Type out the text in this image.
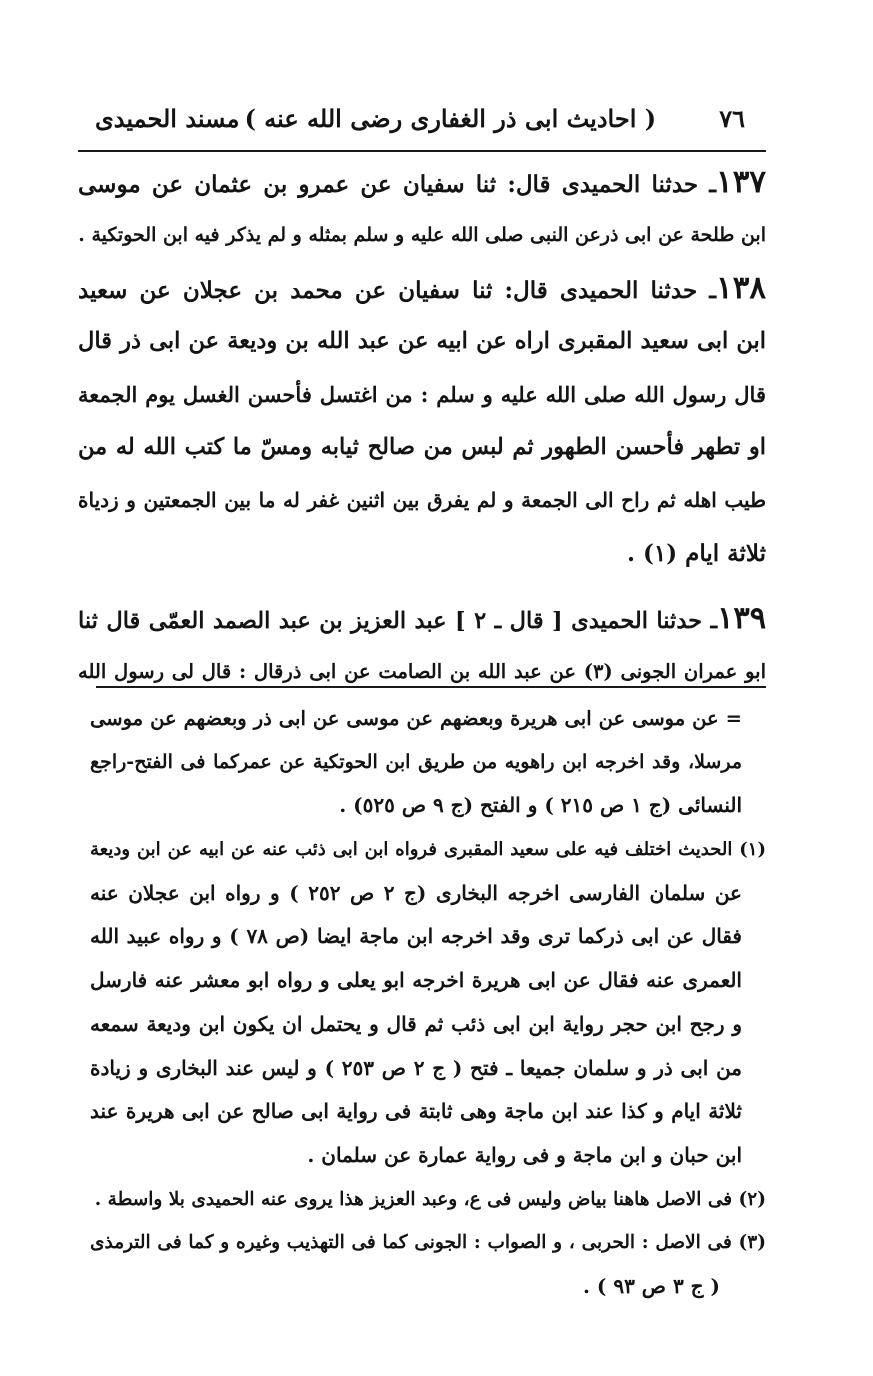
٧٦
( احاديث ابى ذر الغفارى رضى الله عنه )
مسند الحميدى
١٣٧ـ حدثنا الحميدى قال: ثنا سفيان عن عمرو بن عثمان عن موسى
ابن طلحة عن ابى ذرعن النبى صلى الله عليه و سلم بمثله و لم يذكر فيه ابن الحوتكية .
١٣٨ـ حدثنا الحميدى قال: ثنا سفيان عن محمد بن عجلان عن سعيد
ابن ابى سعيد المقبرى اراه عن ابيه عن عبد الله بن وديعة عن ابى ذر قال
قال رسول الله صلى الله عليه و سلم : من اغتسل فأحسن الغسل يوم الجمعة
او تطهر فأحسن الطهور ثم لبس من صالح ثيابه ومسّ ما كتب الله له من
طيب اهله ثم راح الى الجمعة و لم يفرق بين اثنين غفر له ما بين الجمعتين و زدياة
ثلاثة ايام (١) .
١٣٩ـ حدثنا الحميدى [ قال ـ ٢ ] عبد العزيز بن عبد الصمد العمّى قال ثنا
ابو عمران الجونى (٣) عن عبد الله بن الصامت عن ابى ذرقال : قال لى رسول الله
= عن موسى عن ابى هريرة وبعضهم عن موسى عن ابى ذر وبعضهم عن موسى
مرسلا، وقد اخرجه ابن راهويه من طريق ابن الحوتكية عن عمركما فى الفتح-راجع
النسائى (ج ١ ص ٢١٥ ) و الفتح (ج ٩ ص ٥٢٥) .
(١) الحديث اختلف فيه على سعيد المقبرى فرواه ابن ابى ذئب عنه عن ابيه عن ابن وديعة
عن سلمان الفارسى اخرجه البخارى (ج ٢ ص ٢٥٢ ) و رواه ابن عجلان عنه
فقال عن ابى ذركما ترى وقد اخرجه ابن ماجة ايضا (ص ٧٨ ) و رواه عبيد الله
العمرى عنه فقال عن ابى هريرة اخرجه ابو يعلى و رواه ابو معشر عنه فارسل
و رجح ابن حجر رواية ابن ابى ذئب ثم قال و يحتمل ان يكون ابن وديعة سمعه
من ابى ذر و سلمان جميعا ـ فتح ( ج ٢ ص ٢٥٣ ) و ليس عند البخارى و زيادة
ثلاثة ايام و كذا عند ابن ماجة وهى ثابتة فى رواية ابى صالح عن ابى هريرة عند
ابن حبان و ابن ماجة و فى رواية عمارة عن سلمان .
(٢) فى الاصل هاهنا بياض وليس فى ع، وعبد العزيز هذا يروى عنه الحميدى بلا واسطة .
(٣) فى الاصل : الحربى ، و الصواب : الجونى كما فى التهذيب وغيره و كما فى الترمذى
( ج ٣ ص ٩٣ ) .
